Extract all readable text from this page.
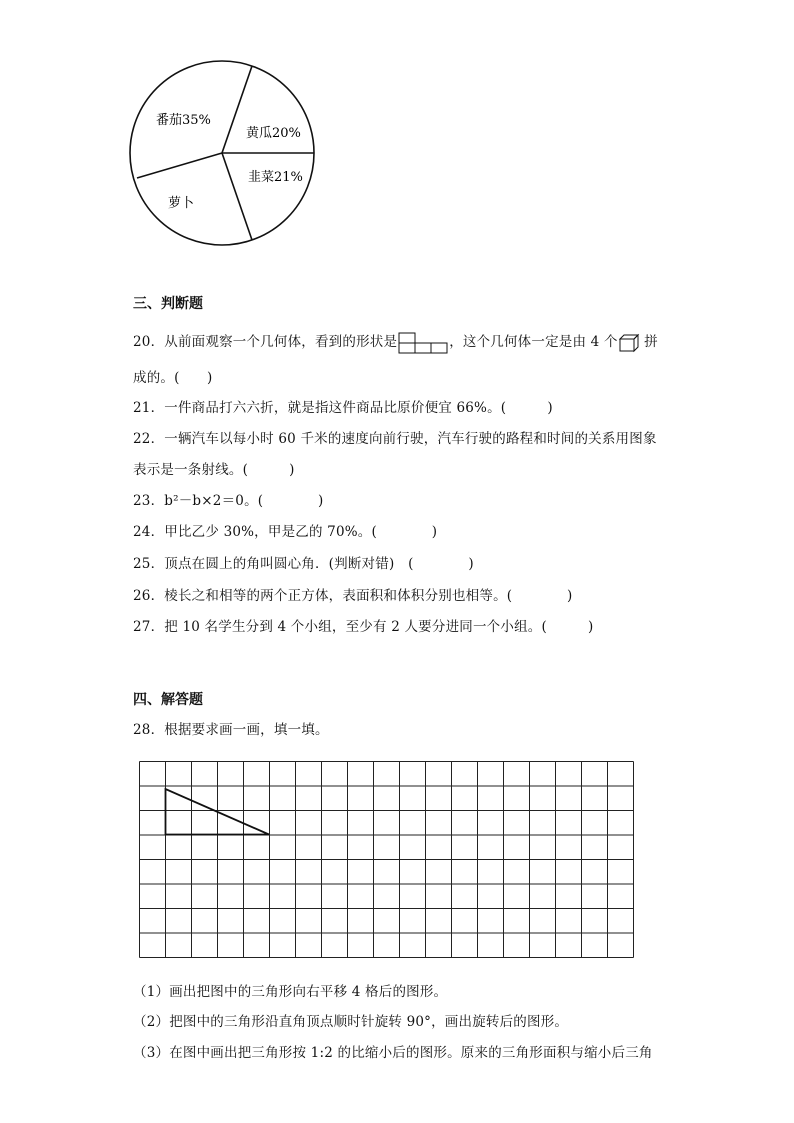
番茄35%
黄瓜20%
韭菜21%
萝卜
三、判断题
20．从前面观察一个几何体，看到的形状是	，这个几何体一定是由 4 个 拼
成的。(　　)
21．一件商品打六六折，就是指这件商品比原价便宜 66%。(　　　)
22．一辆汽车以每小时 60 千米的速度向前行驶，汽车行驶的路程和时间的关系用图象
表示是一条射线。(　　　)
23．b²－b×2＝0。(　　　　)
24．甲比乙少 30%，甲是乙的 70%。(　　　　)
25．顶点在圆上的角叫圆心角．(判断对错)　(　　　　)
26．棱长之和相等的两个正方体，表面积和体积分别也相等。(　　　　)
27．把 10 名学生分到 4 个小组，至少有 2 人要分进同一个小组。(　　　)
四、解答题
28．根据要求画一画，填一填。
（1）画出把图中的三角形向右平移 4 格后的图形。
（2）把图中的三角形沿直角顶点顺时针旋转 90°，画出旋转后的图形。
（3）在图中画出把三角形按 1:2 的比缩小后的图形。原来的三角形面积与缩小后三角
